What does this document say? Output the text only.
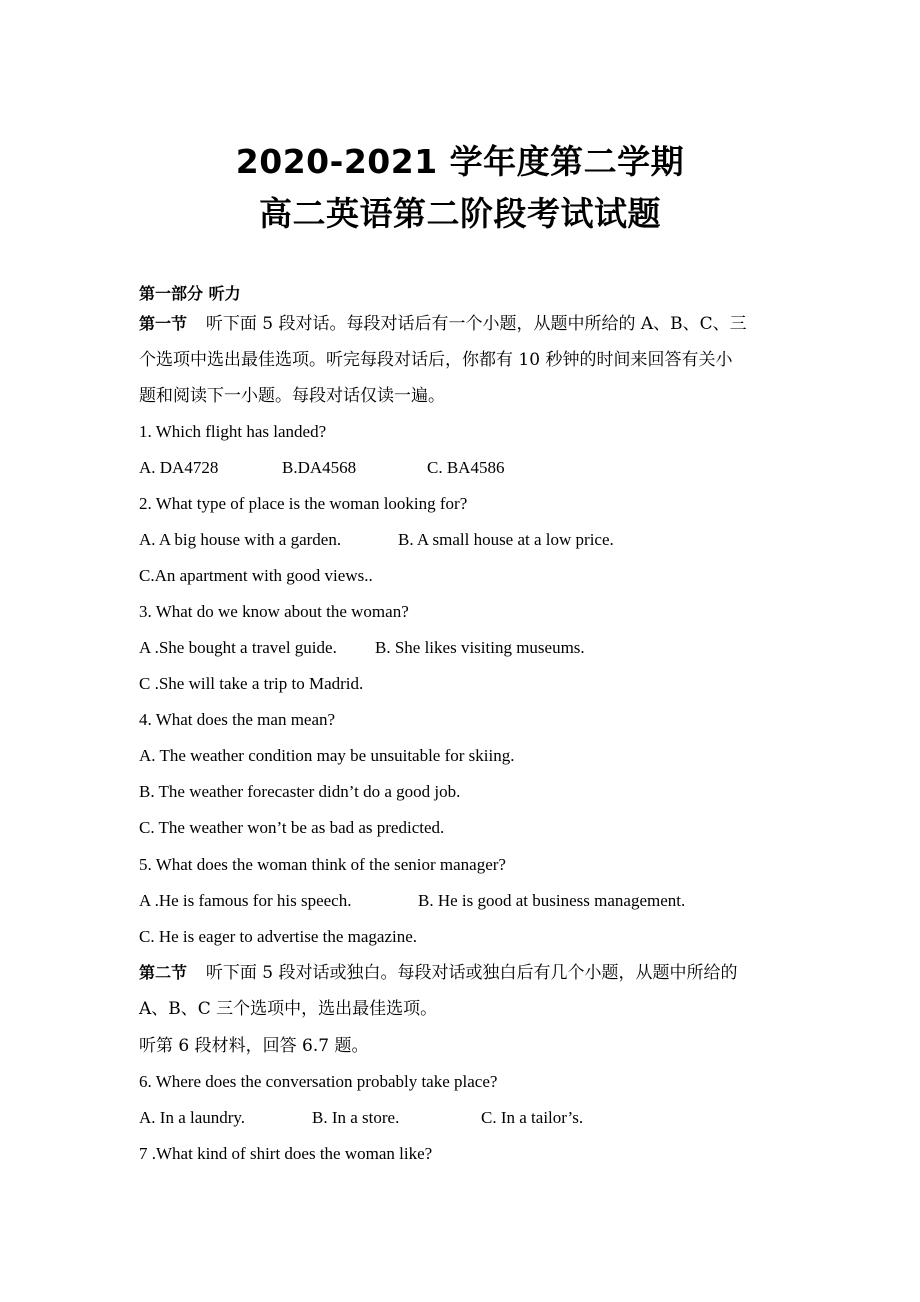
2020-2021 学年度第二学期
高二英语第二阶段考试试题
第一部分 听力
第一节 听下面 5 段对话。每段对话后有一个小题，从题中所给的 A、B、C、三
个选项中选出最佳选项。听完每段对话后，你都有 10 秒钟的时间来回答有关小
题和阅读下一小题。每段对话仅读一遍。
1. Which flight has landed?
A. DA4728	B.DA4568	C. BA4586
2. What type of place is the woman looking for?
A. A big house with a garden.	B. A small house at a low price.
C.An apartment with good views..
3. What do we know about the woman?
A .She bought a travel guide. B. She likes visiting museums.
C .She will take a trip to Madrid.
4. What does the man mean?
A. The weather condition may be unsuitable for skiing.
B. The weather forecaster didn’t do a good job.
C. The weather won’t be as bad as predicted.
5. What does the woman think of the senior manager?
A .He is famous for his speech.	B. He is good at business management.
C. He is eager to advertise the magazine.
第二节 听下面 5 段对话或独白。每段对话或独白后有几个小题，从题中所给的
A、B、C 三个选项中，选出最佳选项。
听第 6 段材料，回答 6.7 题。
6. Where does the conversation probably take place?
A. In a laundry.	B. In a store.	C. In a tailor’s.
7 .What kind of shirt does the woman like?
